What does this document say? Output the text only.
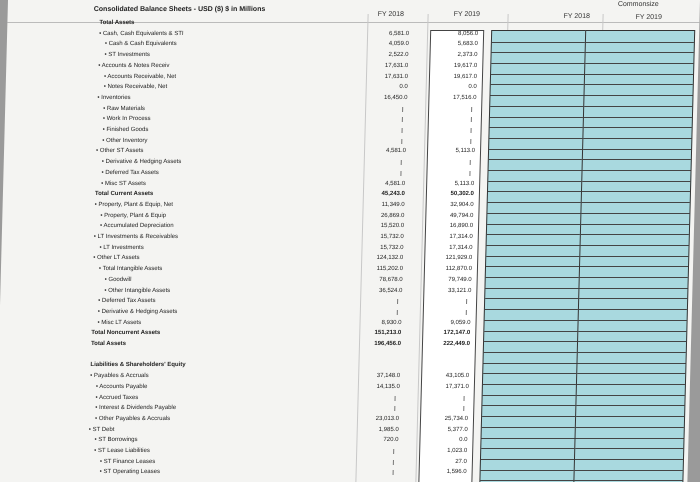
Consolidated Balance Sheets - USD ($) $ in Millions
FY 2018	FY 2019	FY 2018
Commonsize
FY 2019
Total Assets
• Cash, Cash Equivalents & STI
• Cash & Cash Equivalents
• ST Investments
• Accounts & Notes Receiv
• Accounts Receivable, Net
• Notes Receivable, Net
• Inventories
• Raw Materials
• Work In Process
• Finished Goods
• Other Inventory
• Other ST Assets
• Derivative & Hedging Assets
• Deferred Tax Assets
• Misc ST Assets
Total Current Assets
• Property, Plant & Equip, Net
• Property, Plant & Equip
• Accumulated Depreciation
• LT Investments & Receivables
• LT Investments
• Other LT Assets
• Total Intangible Assets
• Goodwill
• Other Intangible Assets
• Deferred Tax Assets
• Derivative & Hedging Assets
• Misc LT Assets
Total Noncurrent Assets
Total Assets
Liabilities & Shareholders' Equity
• Payables & Accruals
• Accounts Payable
• Accrued Taxes
• Interest & Dividends Payable
• Other Payables & Accruals
• ST Debt
• ST Borrowings
• ST Lease Liabilities
• ST Finance Leases
• ST Operating Leases
6,581.0
4,059.0
2,522.0
17,631.0
17,631.0
0.0
16,450.0
4,581.0
4,581.0
45,243.0
11,349.0
26,869.0
15,520.0
15,732.0
15,732.0
124,132.0
115,202.0
78,678.0
36,524.0
8,930.0
151,213.0
196,456.0
37,148.0
14,135.0
23,013.0
1,985.0
720.0
8,056.0
5,683.0
2,373.0
19,617.0
19,617.0
0.0
17,516.0
5,113.0
5,113.0
50,302.0
32,904.0
49,794.0
16,890.0
17,314.0
17,314.0
121,929.0
112,870.0
79,749.0
33,121.0
9,059.0
172,147.0
222,449.0
43,105.0
17,371.0
25,734.0
5,377.0
0.0
1,023.0
27.0
1,596.0
